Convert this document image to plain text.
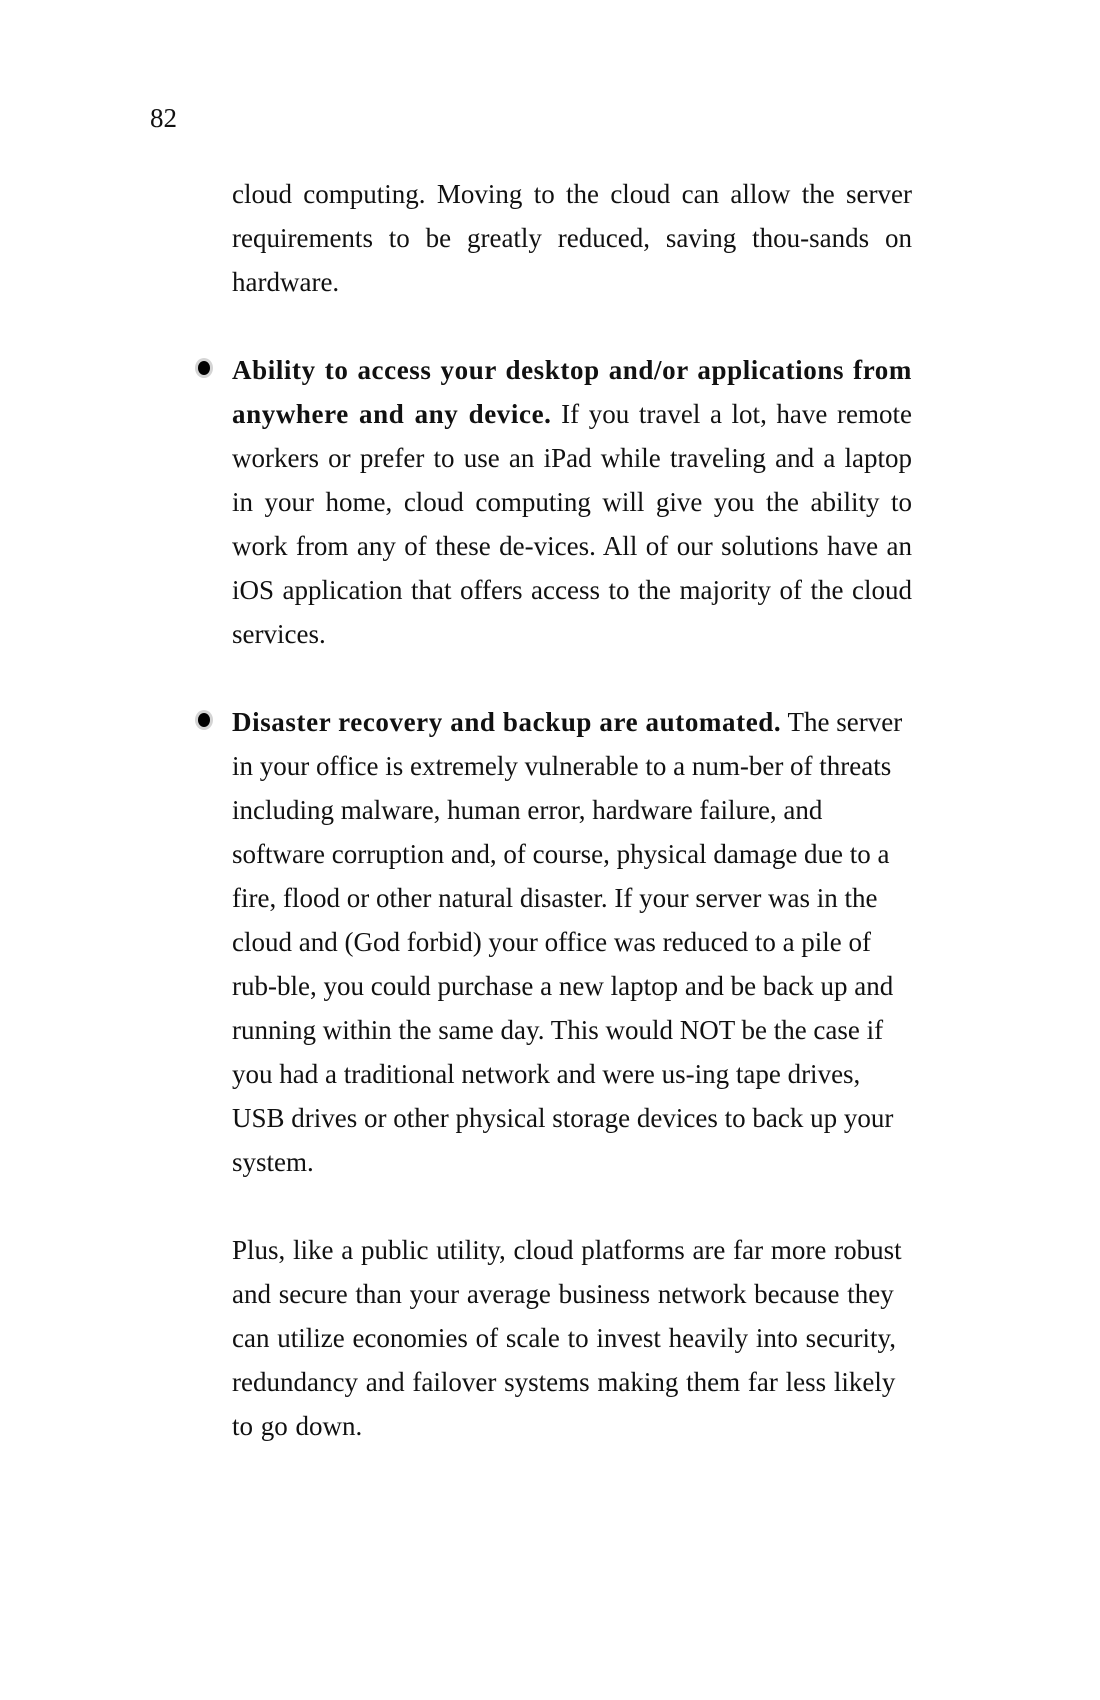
82

cloud computing. Moving to the cloud can allow the server requirements to be greatly reduced, saving thou-sands on hardware.

Ability to access your desktop and/or applications from anywhere and any device. If you travel a lot, have remote workers or prefer to use an iPad while traveling and a laptop in your home, cloud computing will give you the ability to work from any of these de-vices. All of our solutions have an iOS application that offers access to the majority of the cloud services.

Disaster recovery and backup are automated. The server in your office is extremely vulnerable to a num-ber of threats including malware, human error, hardware failure, and software corruption and, of course, physical damage due to a fire, flood or other natural disaster. If your server was in the cloud and (God forbid) your office was reduced to a pile of rub-ble, you could purchase a new laptop and be back up and running within the same day. This would NOT be the case if you had a traditional network and were us-ing tape drives, USB drives or other physical storage devices to back up your system.

Plus, like a public utility, cloud platforms are far more robust and secure than your average business network because they can utilize economies of scale to invest heavily into security, redundancy and failover systems making them far less likely to go down.
